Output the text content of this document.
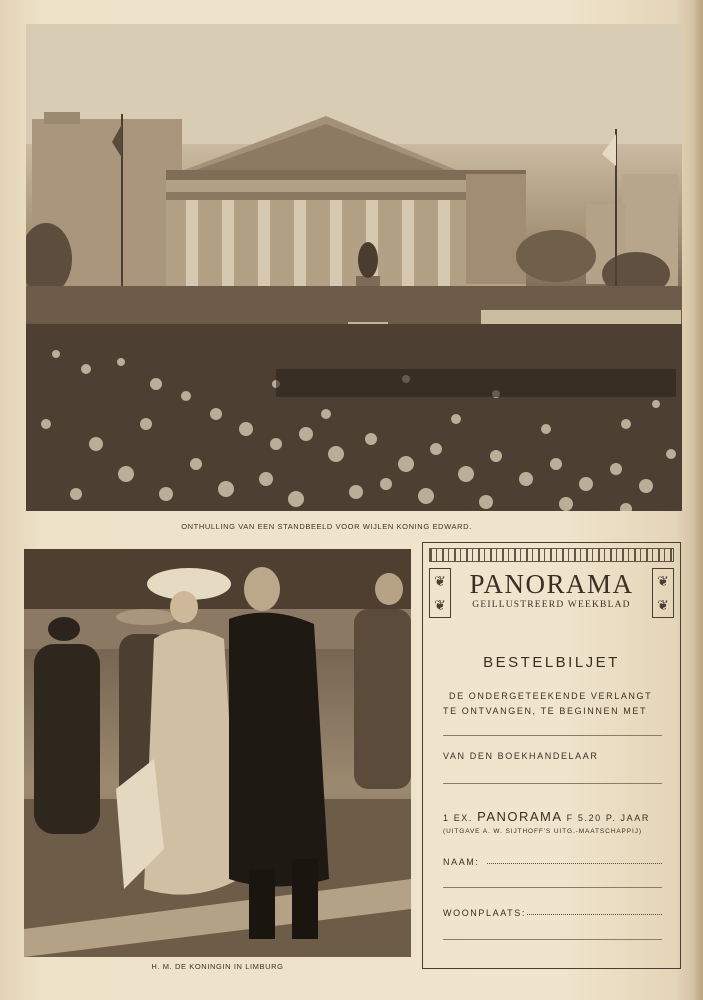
ONTHULLING VAN EEN STANDBEELD VOOR WIJLEN KONING EDWARD.
H. M. DE KONINGIN IN LIMBURG
❦
❦
❦
❦
PANORAMA
GEILLUSTREERD WEEKBLAD
BESTELBILJET
DE ONDERGETEEKENDE VERLANGT
TE ONTVANGEN, TE BEGINNEN MET
VAN DEN BOEKHANDELAAR
1 EX. PANORAMA F 5.20 P. JAAR
(UITGAVE A. W. SIJTHOFF'S UITG.-MAATSCHAPPIJ)
NAAM:
WOONPLAATS:
